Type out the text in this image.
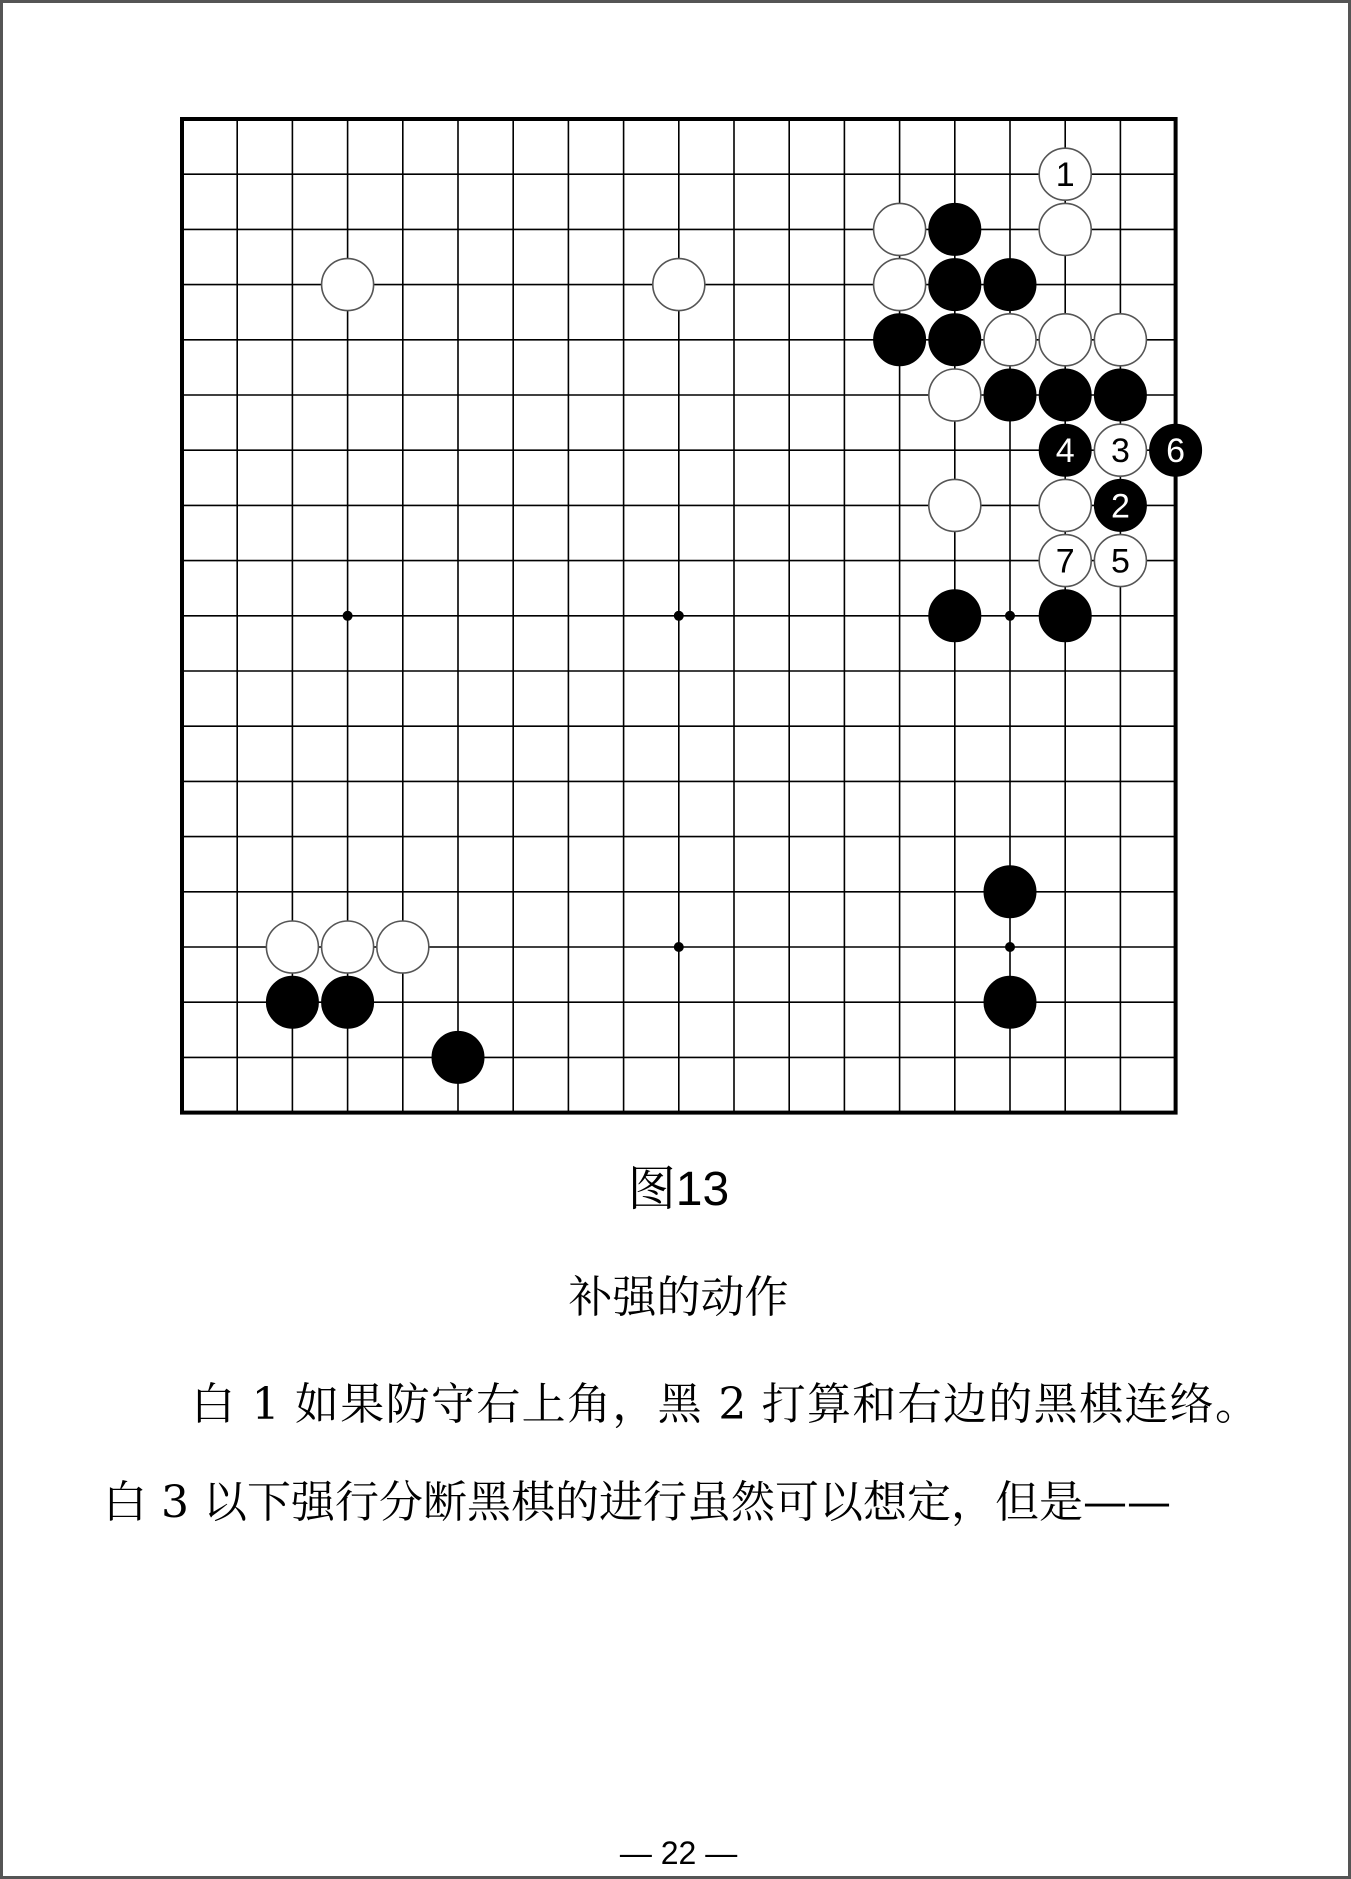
1
2
3
4
5
6
7
图13
补强的动作

白 1 如果防守右上角，黑 2 打算和右边的黑棋连络。白 3 以下强行分断黑棋的进行虽然可以想定，但是——

— 22 —
